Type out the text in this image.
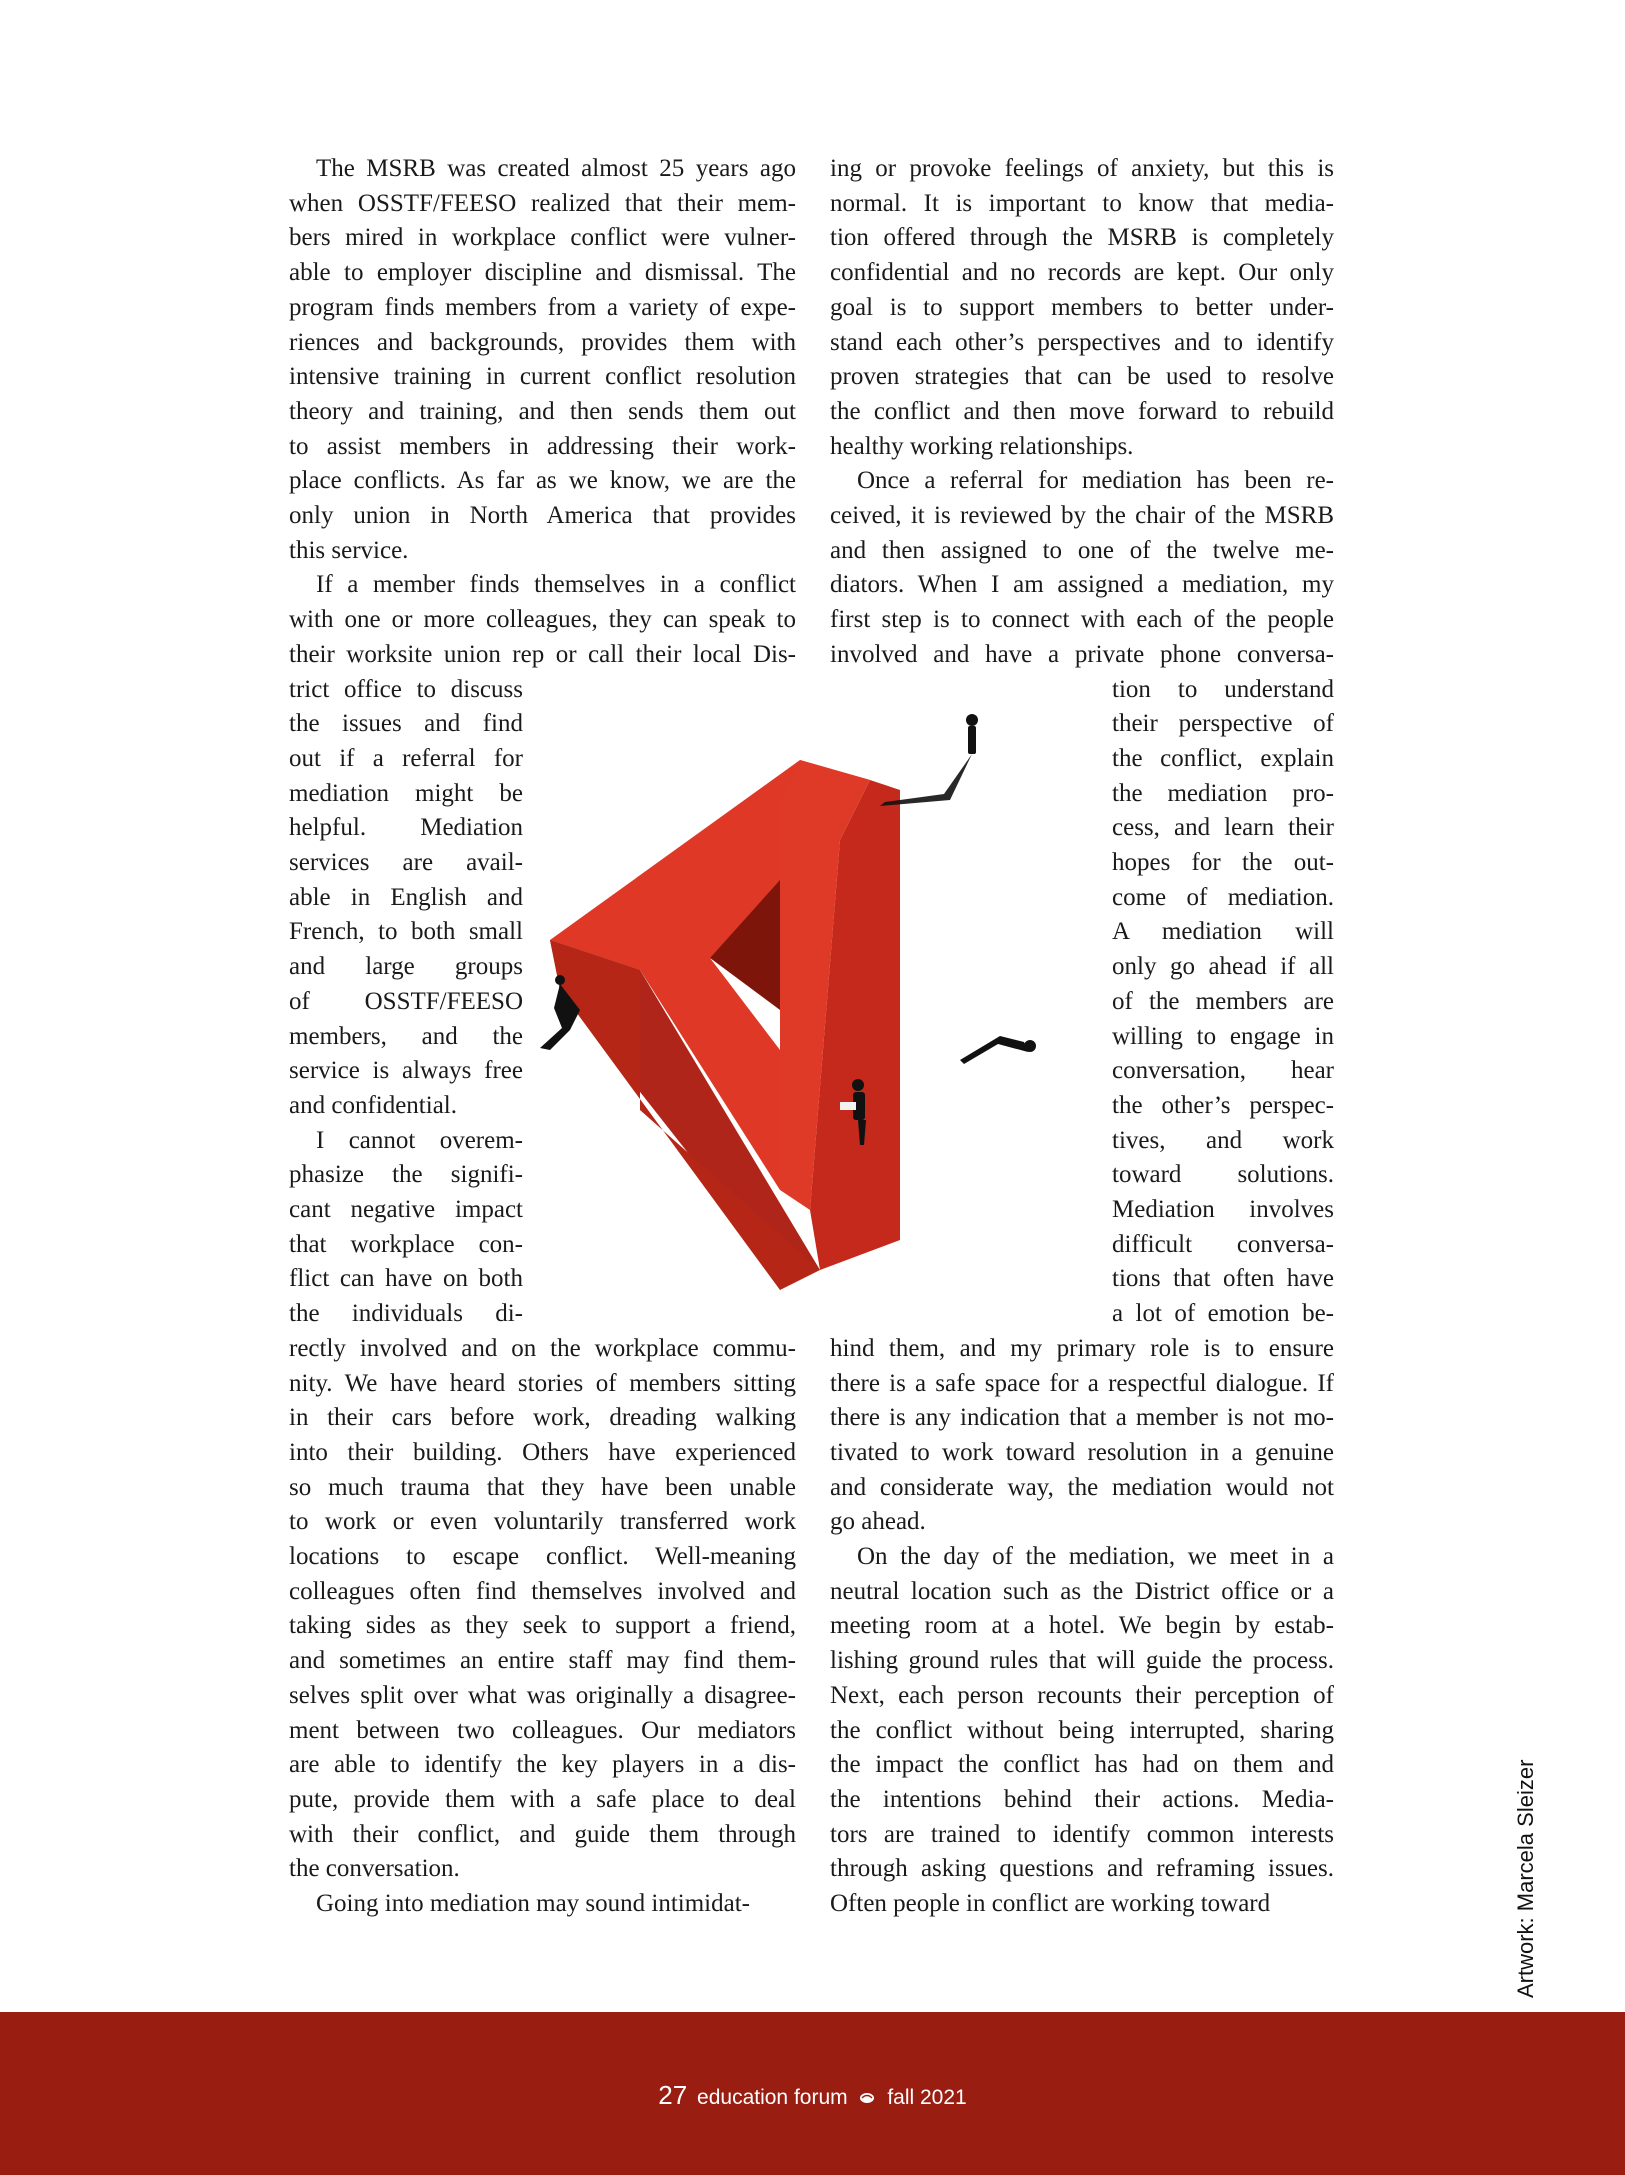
The MSRB was created almost 25 years ago
when OSSTF/FEESO realized that their mem-
bers mired in workplace conflict were vulner-
able to employer discipline and dismissal. The
program finds members from a variety of expe-
riences and backgrounds, provides them with
intensive training in current conflict resolution
theory and training, and then sends them out
to assist members in addressing their work-
place conflicts. As far as we know, we are the
only union in North America that provides
this service.
If a member finds themselves in a conflict
with one or more colleagues, they can speak to
their worksite union rep or call their local Dis-
trict office to discuss
the issues and find
out if a referral for
mediation might be
helpful. Mediation
services are avail-
able in English and
French, to both small
and large groups
of OSSTF/FEESO
members, and the
service is always free
and confidential.
I cannot overem-
phasize the signifi-
cant negative impact
that workplace con-
flict can have on both
the individuals di-
rectly involved and on the workplace commu-
nity. We have heard stories of members sitting
in their cars before work, dreading walking
into their building. Others have experienced
so much trauma that they have been unable
to work or even voluntarily transferred work
locations to escape conflict. Well-meaning
colleagues often find themselves involved and
taking sides as they seek to support a friend,
and sometimes an entire staff may find them-
selves split over what was originally a disagree-
ment between two colleagues. Our mediators
are able to identify the key players in a dis-
pute, provide them with a safe place to deal
with their conflict, and guide them through
the conversation.
Going into mediation may sound intimidat-
ing or provoke feelings of anxiety, but this is
normal. It is important to know that media-
tion offered through the MSRB is completely
confidential and no records are kept. Our only
goal is to support members to better under-
stand each other’s perspectives and to identify
proven strategies that can be used to resolve
the conflict and then move forward to rebuild
healthy working relationships.
Once a referral for mediation has been re-
ceived, it is reviewed by the chair of the MSRB
and then assigned to one of the twelve me-
diators. When I am assigned a mediation, my
first step is to connect with each of the people
involved and have a private phone conversa-
tion to understand
their perspective of
the conflict, explain
the mediation pro-
cess, and learn their
hopes for the out-
come of mediation.
A mediation will
only go ahead if all
of the members are
willing to engage in
conversation, hear
the other’s perspec-
tives, and work
toward solutions.
Mediation involves
difficult conversa-
tions that often have
a lot of emotion be-
hind them, and my primary role is to ensure
there is a safe space for a respectful dialogue. If
there is any indication that a member is not mo-
tivated to work toward resolution in a genuine
and considerate way, the mediation would not
go ahead.
On the day of the mediation, we meet in a
neutral location such as the District office or a
meeting room at a hotel. We begin by estab-
lishing ground rules that will guide the process.
Next, each person recounts their perception of
the conflict without being interrupted, sharing
the impact the conflict has had on them and
the intentions behind their actions. Media-
tors are trained to identify common interests
through asking questions and reframing issues.
Often people in conflict are working toward	Artwork: Marcela Sleizer
27 education forum fall 2021
